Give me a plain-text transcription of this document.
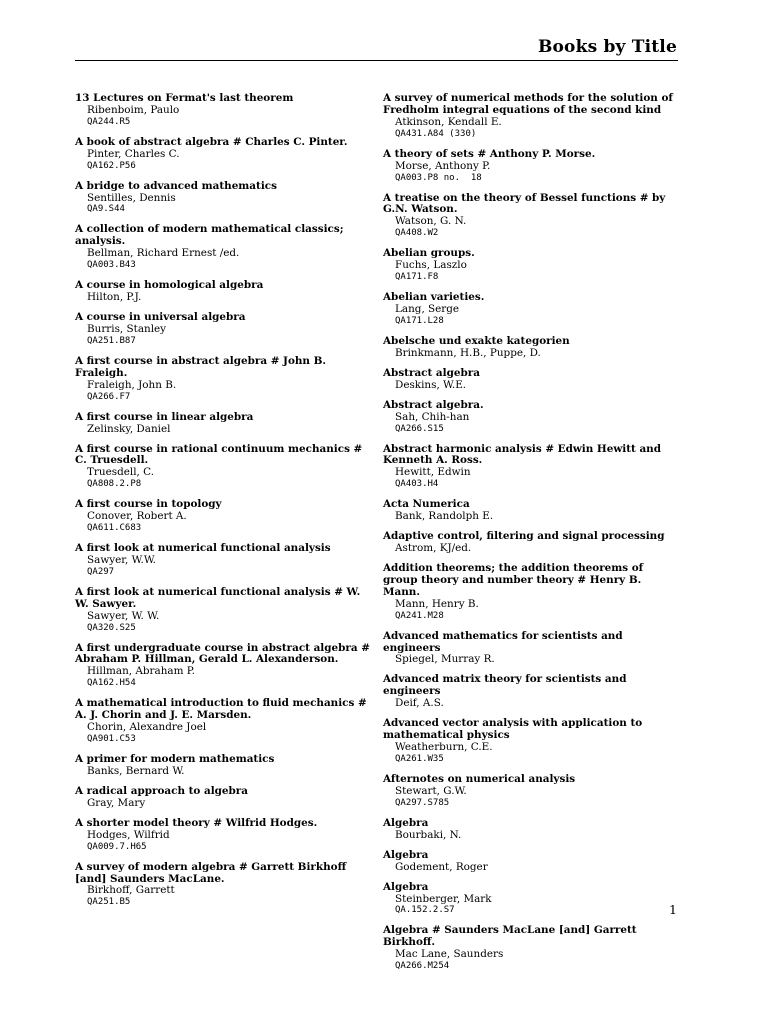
Books by Title
13 Lectures on Fermat's last theorem
Ribenboim, Paulo
QA244.R5
A book of abstract algebra # Charles C. Pinter.
Pinter, Charles C.
QA162.P56
A bridge to advanced mathematics
Sentilles, Dennis
QA9.S44
A collection of modern mathematical classics; analysis.
Bellman, Richard Ernest /ed.
QA003.B43
A course in homological algebra
Hilton, P.J.
A course in universal algebra
Burris, Stanley
QA251.B87
A first course in abstract algebra # John B. Fraleigh.
Fraleigh, John B.
QA266.F7
A first course in linear algebra
Zelinsky, Daniel
A first course in rational continuum mechanics # C. Truesdell.
Truesdell, C.
QA808.2.P8
A first course in topology
Conover, Robert A.
QA611.C683
A first look at numerical functional analysis
Sawyer, W.W.
QA297
A first look at numerical functional analysis # W. W. Sawyer.
Sawyer, W. W.
QA320.S25
A first undergraduate course in abstract algebra # Abraham P. Hillman, Gerald L. Alexanderson.
Hillman, Abraham P.
QA162.H54
A mathematical introduction to fluid mechanics # A. J. Chorin and J. E. Marsden.
Chorin, Alexandre Joel
QA901.C53
A primer for modern mathematics
Banks, Bernard W.
A radical approach to algebra
Gray, Mary
A shorter model theory # Wilfrid Hodges.
Hodges, Wilfrid
QA009.7.H65
A survey of modern algebra # Garrett Birkhoff [and] Saunders MacLane.
Birkhoff, Garrett
QA251.B5
A survey of numerical methods for the solution of Fredholm integral equations of the second kind
Atkinson, Kendall E.
QA431.A84 (330)
A theory of sets # Anthony P. Morse.
Morse, Anthony P.
QA003.P8 no.  18
A treatise on the theory of Bessel functions # by G.N. Watson.
Watson, G. N.
QA408.W2
Abelian groups.
Fuchs, Laszlo
QA171.F8
Abelian varieties.
Lang, Serge
QA171.L28
Abelsche und exakte kategorien
Brinkmann, H.B., Puppe, D.
Abstract algebra
Deskins, W.E.
Abstract algebra.
Sah, Chih-han
QA266.S15
Abstract harmonic analysis # Edwin Hewitt and Kenneth A. Ross.
Hewitt, Edwin
QA403.H4
Acta Numerica
Bank, Randolph E.
Adaptive control, filtering and signal processing
Astrom, KJ/ed.
Addition theorems; the addition theorems of group theory and number theory # Henry B. Mann.
Mann, Henry B.
QA241.M28
Advanced mathematics for scientists and engineers
Spiegel, Murray R.
Advanced matrix theory for scientists and engineers
Deif, A.S.
Advanced vector analysis with application to mathematical physics
Weatherburn, C.E.
QA261.W35
Afternotes on numerical analysis
Stewart, G.W.
QA297.S785
Algebra
Bourbaki, N.
Algebra
Godement, Roger
Algebra
Steinberger, Mark
QA.152.2.S7
Algebra # Saunders MacLane [and] Garrett Birkhoff.
Mac Lane, Saunders
QA266.M254
1
